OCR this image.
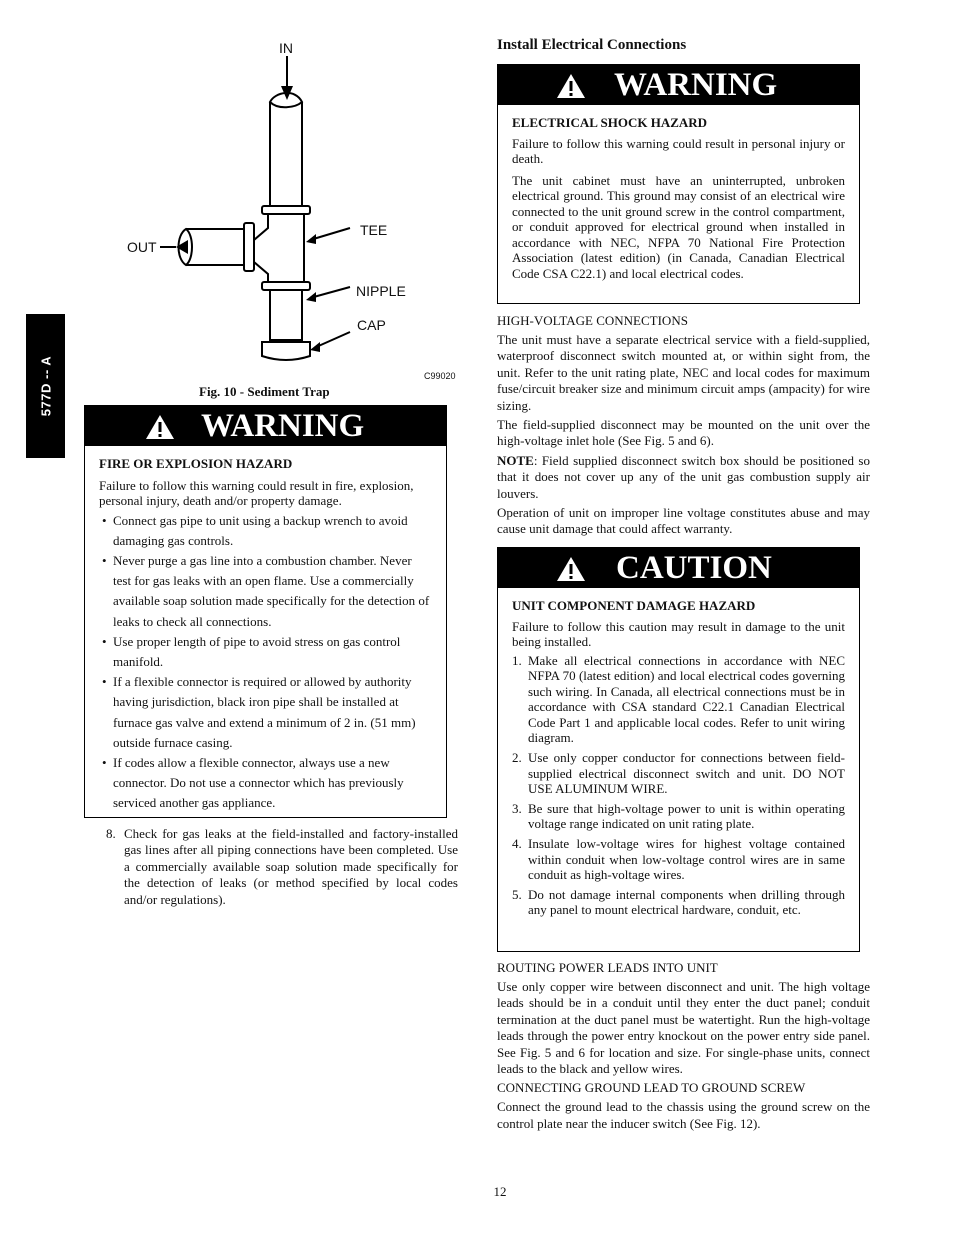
577D -- A
IN
OUT
TEE
NIPPLE
CAP
C99020
Fig. 10 - Sediment Trap
WARNING

FIRE OR EXPLOSION HAZARD

Failure to follow this warning could result in fire, explosion, personal injury, death and/or property damage.

• Connect gas pipe to unit using a backup wrench to avoid damaging gas controls.
• Never purge a gas line into a combustion chamber. Never test for gas leaks with an open flame. Use a commercially available soap solution made specifically for the detection of leaks to check all connections.
• Use proper length of pipe to avoid stress on gas control manifold.
• If a flexible connector is required or allowed by authority having jurisdiction, black iron pipe shall be installed at furnace gas valve and extend a minimum of 2 in. (51 mm) outside furnace casing.
• If codes allow a flexible connector, always use a new connector. Do not use a connector which has previously serviced another gas appliance.
8. Check for gas leaks at the field-installed and factory-installed gas lines after all piping connections have been completed. Use a commercially available soap solution made specifically for the detection of leaks (or method specified by local codes and/or regulations).

Install Electrical Connections
WARNING

ELECTRICAL SHOCK HAZARD

Failure to follow this warning could result in personal injury or death.

The unit cabinet must have an uninterrupted, unbroken electrical ground. This ground may consist of an electrical wire connected to the unit ground screw in the control compartment, or conduit approved for electrical ground when installed in accordance with NEC, NFPA 70 National Fire Protection Association (latest edition) (in Canada, Canadian Electrical Code CSA C22.1) and local electrical codes.

HIGH-VOLTAGE CONNECTIONS

The unit must have a separate electrical service with a field-supplied, waterproof disconnect switch mounted at, or within sight from, the unit. Refer to the unit rating plate, NEC and local codes for maximum fuse/circuit breaker size and minimum circuit amps (ampacity) for wire sizing.

The field-supplied disconnect may be mounted on the unit over the high-voltage inlet hole (See Fig. 5 and 6).

NOTE: Field supplied disconnect switch box should be positioned so that it does not cover up any of the unit gas combustion supply air louvers.

Operation of unit on improper line voltage constitutes abuse and may cause unit damage that could affect warranty.

CAUTION

UNIT COMPONENT DAMAGE HAZARD

Failure to follow this caution may result in damage to the unit being installed.

1. Make all electrical connections in accordance with NEC NFPA 70 (latest edition) and local electrical codes governing such wiring. In Canada, all electrical connections must be in accordance with CSA standard C22.1 Canadian Electrical Code Part 1 and applicable local codes. Refer to unit wiring diagram.
2. Use only copper conductor for connections between field-supplied electrical disconnect switch and unit. DO NOT USE ALUMINUM WIRE.
3. Be sure that high-voltage power to unit is within operating voltage range indicated on unit rating plate.
4. Insulate low-voltage wires for highest voltage contained within conduit when low-voltage control wires are in same conduit as high-voltage wires.
5. Do not damage internal components when drilling through any panel to mount electrical hardware, conduit, etc.

ROUTING POWER LEADS INTO UNIT

Use only copper wire between disconnect and unit. The high voltage leads should be in a conduit until they enter the duct panel; conduit termination at the duct panel must be watertight. Run the high-voltage leads through the power entry knockout on the power entry side panel. See Fig. 5 and 6 for location and size. For single-phase units, connect leads to the black and yellow wires.

CONNECTING GROUND LEAD TO GROUND SCREW

Connect the ground lead to the chassis using the ground screw on the control plate near the inducer switch (See Fig. 12).

12
